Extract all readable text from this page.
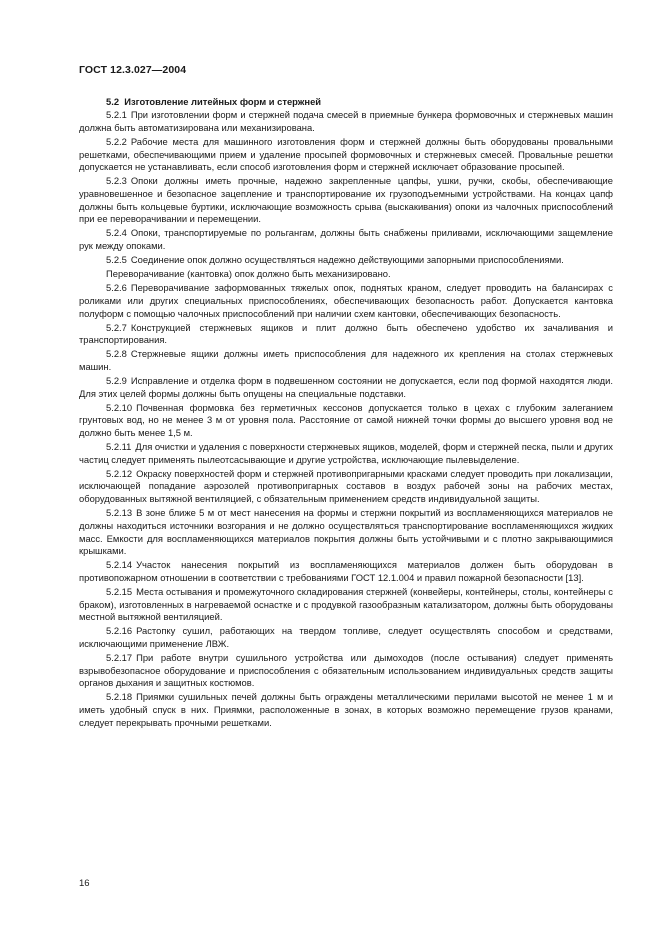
ГОСТ 12.3.027—2004
5.2 Изготовление литейных форм и стержней

5.2.1 При изготовлении форм и стержней подача смесей в приемные бункера формовочных и стержневых машин должна быть автоматизирована или механизирована.

5.2.2 Рабочие места для машинного изготовления форм и стержней должны быть оборудованы провальными решетками, обеспечивающими прием и удаление просыпей формовочных и стержневых смесей. Провальные решетки допускается не устанавливать, если способ изготовления форм и стержней исключает образование просыпей.

5.2.3 Опоки должны иметь прочные, надежно закрепленные цапфы, ушки, ручки, скобы, обеспечивающие уравновешенное и безопасное зацепление и транспортирование их грузоподъемными устройствами. На концах цапф должны быть кольцевые буртики, исключающие возможность срыва (выскакивания) опоки из чалочных приспособлений при ее переворачивании и перемещении.

5.2.4 Опоки, транспортируемые по рольгангам, должны быть снабжены приливами, исключающими защемление рук между опоками.

5.2.5 Соединение опок должно осуществляться надежно действующими запорными приспособлениями.

Переворачивание (кантовка) опок должно быть механизировано.

5.2.6 Переворачивание заформованных тяжелых опок, поднятых краном, следует проводить на балансирах с роликами или других специальных приспособлениях, обеспечивающих безопасность работ. Допускается кантовка полуформ с помощью чалочных приспособлений при наличии схем кантовки, обеспечивающих безопасность.

5.2.7 Конструкцией стержневых ящиков и плит должно быть обеспечено удобство их зачаливания и транспортирования.

5.2.8 Стержневые ящики должны иметь приспособления для надежного их крепления на столах стержневых машин.

5.2.9 Исправление и отделка форм в подвешенном состоянии не допускается, если под формой находятся люди. Для этих целей формы должны быть опущены на специальные подставки.

5.2.10 Почвенная формовка без герметичных кессонов допускается только в цехах с глубоким залеганием грунтовых вод, но не менее 3 м от уровня пола. Расстояние от самой нижней точки формы до высшего уровня вод не должно быть менее 1,5 м.

5.2.11 Для очистки и удаления с поверхности стержневых ящиков, моделей, форм и стержней песка, пыли и других частиц следует применять пылеотсасывающие и другие устройства, исключающие пылевыделение.

5.2.12 Окраску поверхностей форм и стержней противопригарными красками следует проводить при локализации, исключающей попадание аэрозолей противопригарных составов в воздух рабочей зоны на рабочих местах, оборудованных вытяжной вентиляцией, с обязательным применением средств индивидуальной защиты.

5.2.13 В зоне ближе 5 м от мест нанесения на формы и стержни покрытий из воспламеняющихся материалов не должны находиться источники возгорания и не должно осуществляться транспортирование воспламеняющихся жидких масс. Емкости для воспламеняющихся материалов покрытия должны быть устойчивыми и с плотно закрывающимися крышками.

5.2.14 Участок нанесения покрытий из воспламеняющихся материалов должен быть оборудован в противопожарном отношении в соответствии с требованиями ГОСТ 12.1.004 и правил пожарной безопасности [13].

5.2.15 Места остывания и промежуточного складирования стержней (конвейеры, контейнеры, столы, контейнеры с браком), изготовленных в нагреваемой оснастке и с продувкой газообразным катализатором, должны быть оборудованы местной вытяжной вентиляцией.

5.2.16 Растопку сушил, работающих на твердом топливе, следует осуществлять способом и средствами, исключающими применение ЛВЖ.

5.2.17 При работе внутри сушильного устройства или дымоходов (после остывания) следует применять взрывобезопасное оборудование и приспособления с обязательным использованием индивидуальных средств защиты органов дыхания и защитных костюмов.

5.2.18 Приямки сушильных печей должны быть ограждены металлическими перилами высотой не менее 1 м и иметь удобный спуск в них. Приямки, расположенные в зонах, в которых возможно перемещение грузов кранами, следует перекрывать прочными решетками.

16
